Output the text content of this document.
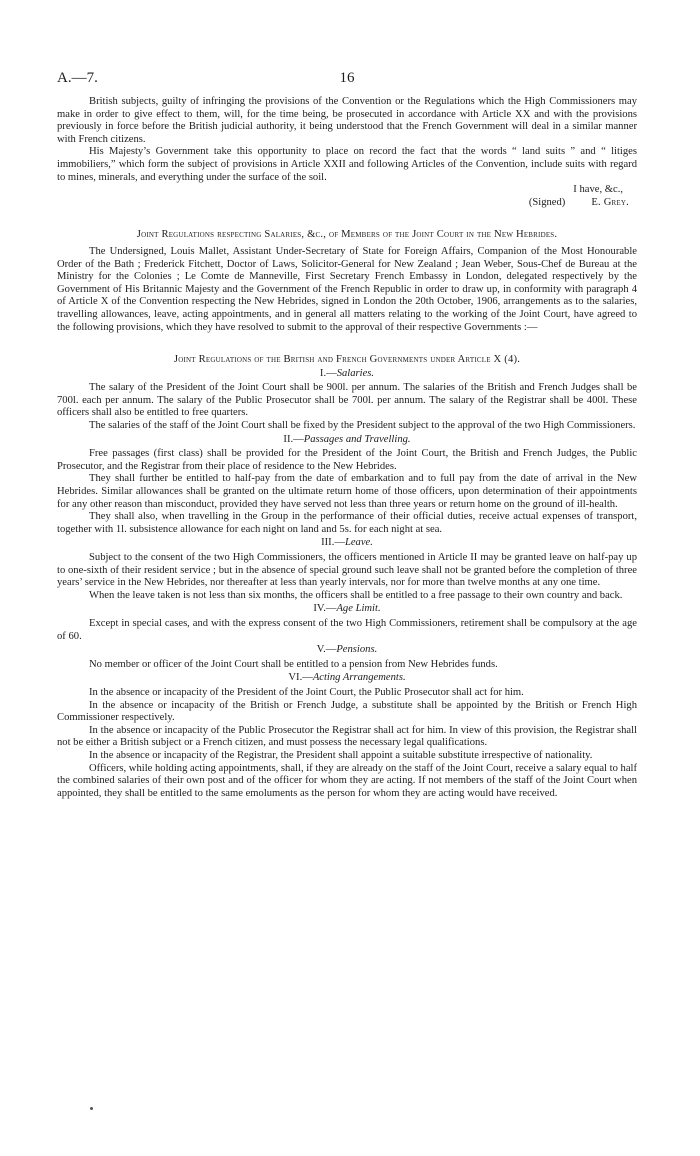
A.—7.	16

British subjects, guilty of infringing the provisions of the Convention or the Regulations which the High Commissioners may make in order to give effect to them, will, for the time being, be prosecuted in accordance with Article XX and with the provisions previously in force before the British judicial authority, it being understood that the French Government will deal in a similar manner with French citizens.

His Majesty’s Government take this opportunity to place on record the fact that the words “ land suits ” and “ litiges immobiliers,” which form the subject of provisions in Article XXII and following Articles of the Convention, include suits with regard to mines, minerals, and everything under the surface of the soil.

I have, &c.,
(Signed) E. Grey.
Joint Regulations respecting Salaries, &c., of Members of the Joint Court in the New Hebrides.

The Undersigned, Louis Mallet, Assistant Under-Secretary of State for Foreign Affairs, Companion of the Most Honourable Order of the Bath ; Frederick Fitchett, Doctor of Laws, Solicitor-General for New Zealand ; Jean Weber, Sous-Chef de Bureau at the Ministry for the Colonies ; Le Comte de Manneville, First Secretary French Embassy in London, delegated respectively by the Government of His Britannic Majesty and the Government of the French Republic in order to draw up, in conformity with paragraph 4 of Article X of the Convention respecting the New Hebrides, signed in London the 20th October, 1906, arrangements as to the salaries, travelling allowances, leave, acting appointments, and in general all matters relating to the working of the Joint Court, have agreed to the following provisions, which they have resolved to submit to the approval of their respective Governments :—

Joint Regulations of the British and French Governments under Article X (4).
I.—Salaries.

The salary of the President of the Joint Court shall be 900l. per annum. The salaries of the British and French Judges shall be 700l. each per annum. The salary of the Public Prosecutor shall be 700l. per annum. The salary of the Registrar shall be 400l. These officers shall also be entitled to free quarters.

The salaries of the staff of the Joint Court shall be fixed by the President subject to the approval of the two High Commissioners.

II.—Passages and Travelling.

Free passages (first class) shall be provided for the President of the Joint Court, the British and French Judges, the Public Prosecutor, and the Registrar from their place of residence to the New Hebrides.

They shall further be entitled to half-pay from the date of embarkation and to full pay from the date of arrival in the New Hebrides. Similar allowances shall be granted on the ultimate return home of those officers, upon determination of their appointments for any other reason than misconduct, provided they have served not less than three years or return home on the ground of ill-health.

They shall also, when travelling in the Group in the performance of their official duties, receive actual expenses of transport, together with 1l. subsistence allowance for each night on land and 5s. for each night at sea.

III.—Leave.

Subject to the consent of the two High Commissioners, the officers mentioned in Article II may be granted leave on half-pay up to one-sixth of their resident service ; but in the absence of special ground such leave shall not be granted before the completion of three years’ service in the New Hebrides, nor thereafter at less than yearly intervals, nor for more than twelve months at any one time.

When the leave taken is not less than six months, the officers shall be entitled to a free passage to their own country and back.

IV.—Age Limit.

Except in special cases, and with the express consent of the two High Commissioners, retirement shall be compulsory at the age of 60.

V.—Pensions.

No member or officer of the Joint Court shall be entitled to a pension from New Hebrides funds.

VI.—Acting Arrangements.

In the absence or incapacity of the President of the Joint Court, the Public Prosecutor shall act for him.

In the absence or incapacity of the British or French Judge, a substitute shall be appointed by the British or French High Commissioner respectively.

In the absence or incapacity of the Public Prosecutor the Registrar shall act for him. In view of this provision, the Registrar shall not be either a British subject or a French citizen, and must possess the necessary legal qualifications.

In the absence or incapacity of the Registrar, the President shall appoint a suitable substitute irrespective of nationality.

Officers, while holding acting appointments, shall, if they are already on the staff of the Joint Court, receive a salary equal to half the combined salaries of their own post and of the officer for whom they are acting. If not members of the staff of the Joint Court when appointed, they shall be entitled to the same emoluments as the person for whom they are acting would have received.
